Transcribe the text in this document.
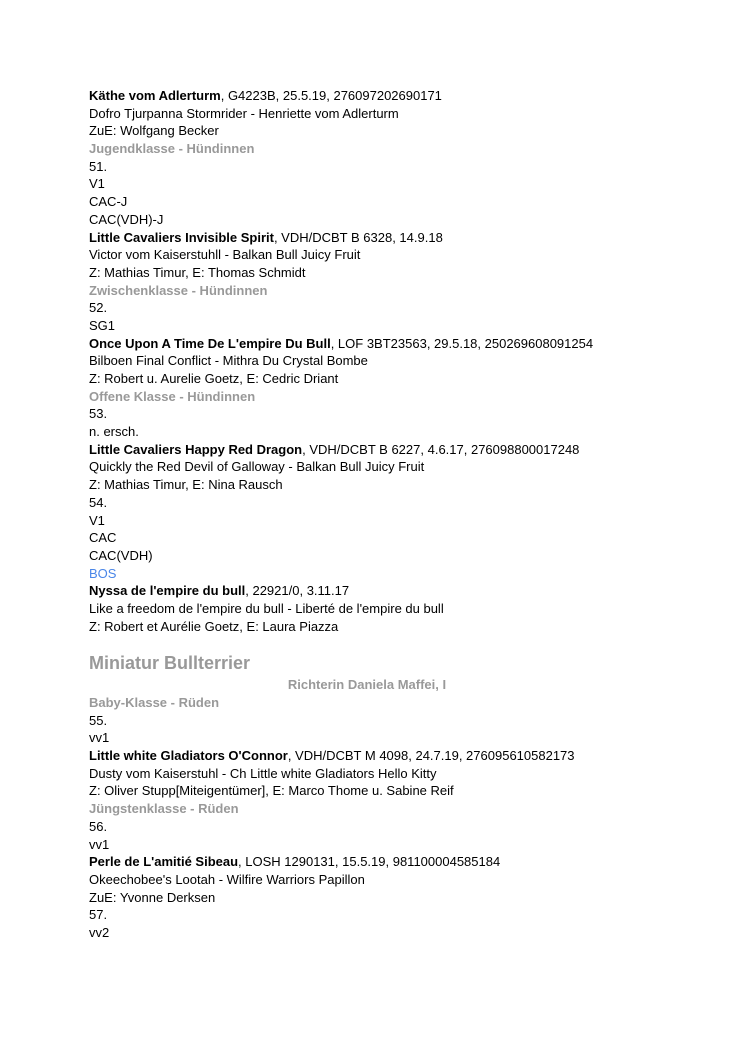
Käthe vom Adlerturm, G4223B, 25.5.19, 276097202690171
Dofro Tjurpanna Stormrider - Henriette vom Adlerturm
ZuE: Wolfgang Becker
Jugendklasse - Hündinnen
51.
V1
CAC-J
CAC(VDH)-J
Little Cavaliers Invisible Spirit, VDH/DCBT B 6328, 14.9.18
Victor vom Kaiserstuhll - Balkan Bull Juicy Fruit
Z: Mathias Timur, E: Thomas Schmidt
Zwischenklasse - Hündinnen
52.
SG1
Once Upon A Time De L'empire Du Bull, LOF 3BT23563, 29.5.18, 250269608091254
Bilboen Final Conflict - Mithra Du Crystal Bombe
Z: Robert u. Aurelie Goetz, E: Cedric Driant
Offene Klasse - Hündinnen
53.
n. ersch.
Little Cavaliers Happy Red Dragon, VDH/DCBT B 6227, 4.6.17, 276098800017248
Quickly the Red Devil of Galloway - Balkan Bull Juicy Fruit
Z: Mathias Timur, E: Nina Rausch
54.
V1
CAC
CAC(VDH)
BOS
Nyssa de l'empire du bull, 22921/0, 3.11.17
Like a freedom de l'empire du bull - Liberté de l'empire du bull
Z: Robert et Aurélie Goetz, E: Laura Piazza
Miniatur Bullterrier
Richterin Daniela Maffei, I
Baby-Klasse - Rüden
55.
vv1
Little white Gladiators O'Connor, VDH/DCBT M 4098, 24.7.19, 276095610582173
Dusty vom Kaiserstuhl - Ch Little white Gladiators Hello Kitty
Z: Oliver Stupp[Miteigentümer], E: Marco Thome u. Sabine Reif
Jüngstenklasse - Rüden
56.
vv1
Perle de L'amitié Sibeau, LOSH 1290131, 15.5.19, 981100004585184
Okeechobee's Lootah - Wilfire Warriors Papillon
ZuE: Yvonne Derksen
57.
vv2
